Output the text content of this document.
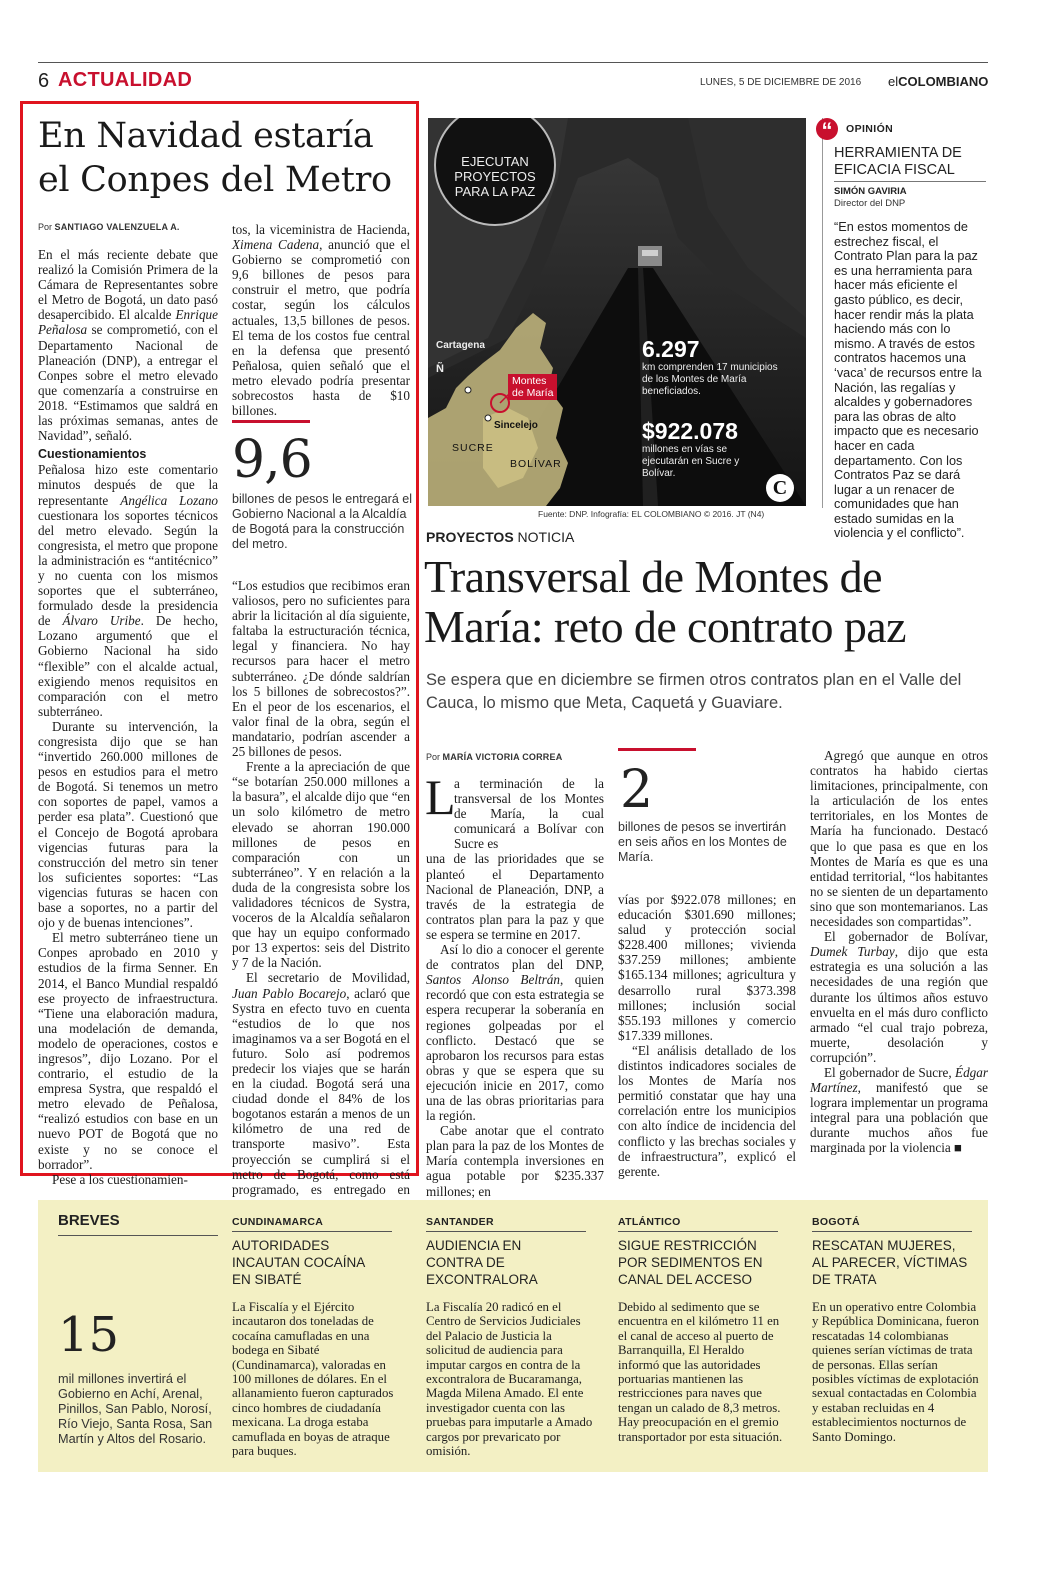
6 ACTUALIDAD	LUNES, 5 DE DICIEMBRE DE 2016 elCOLOMBIANO
En Navidad estaría
el Conpes del Metro
Por SANTIAGO VALENZUELA A.

En el más reciente debate que realizó la Comisión Primera de la Cámara de Representantes sobre el Metro de Bogotá, un dato pasó desapercibido. El alcalde Enrique Peñalosa se comprometió, con el Departamento Nacional de Planeación (DNP), a entregar el Conpes sobre el metro elevado que comenzaría a construirse en 2018. “Estimamos que saldrá en las próximas semanas, antes de Navidad”, señaló.

Cuestionamientos

Peñalosa hizo este comentario minutos después de que la representante Angélica Lozano cuestionara los soportes técnicos del metro elevado. Según la congresista, el metro que propone la administración es “antitécnico” y no cuenta con los mismos soportes que el subterráneo, formulado desde la presidencia de Álvaro Uribe. De hecho, Lozano argumentó que el Gobierno Nacional ha sido “flexible” con el alcalde actual, exigiendo menos requisitos en comparación con el metro subterráneo.

Durante su intervención, la congresista dijo que se han “invertido 260.000 millones de pesos en estudios para el metro de Bogotá. Si tenemos un metro con soportes de papel, vamos a perder esa plata”. Cuestionó que el Concejo de Bogotá aprobara vigencias futuras para la construcción del metro sin tener los suficientes soportes: “Las vigencias futuras se hacen con base a soportes, no a partir del ojo y de buenas intenciones”.

El metro subterráneo tiene un Conpes aprobado en 2010 y estudios de la firma Senner. En 2014, el Banco Mundial respaldó ese proyecto de infraestructura. “Tiene una elaboración madura, una modelación de demanda, modelo de operaciones, costos e ingresos”, dijo Lozano. Por el contrario, el estudio de la empresa Systra, que respaldó el metro elevado de Peñalosa, “realizó estudios con base en un nuevo POT de Bogotá que no existe y no se conoce el borrador”.

Pese a los cuestionamien-

tos, la viceministra de Hacienda, Ximena Cadena, anunció que el Gobierno se comprometió con 9,6 billones de pesos para construir el metro, que podría costar, según los cálculos actuales, 13,5 billones de pesos. El tema de los costos fue central en la defensa que presentó Peñalosa, quien señaló que el metro elevado podría presentar sobrecostos hasta de $10 billones.

9,6
billones de pesos le entregará el Gobierno Nacional a la Alcaldía de Bogotá para la construcción del metro.

“Los estudios que recibimos eran valiosos, pero no suficientes para abrir la licitación al día siguiente, faltaba la estructuración técnica, legal y financiera. No hay recursos para hacer el metro subterráneo. ¿De dónde saldrían los 5 billones de sobrecostos?”. En el peor de los escenarios, el valor final de la obra, según el mandatario, podrían ascender a 25 billones de pesos.

Frente a la apreciación de que “se botarían 250.000 millones a la basura”, el alcalde dijo que “en un solo kilómetro de metro elevado se ahorran 190.000 millones de pesos en comparación con un subterráneo”. Y en relación a la duda de la congresista sobre los validadores técnicos de Systra, voceros de la Alcaldía señalaron que hay un equipo conformado por 13 expertos: seis del Distrito y 7 de la Nación.

El secretario de Movilidad, Juan Pablo Bocarejo, aclaró que Systra en efecto tuvo en cuenta “estudios de lo que nos imaginamos va a ser Bogotá en el futuro. Solo así podremos predecir los viajes que se harán en la ciudad. Bogotá será una ciudad donde el 84% de los bogotanos estarán a menos de un kilómetro de una red de transporte masivo”. Esta proyección se cumplirá si el metro de Bogotá, como está programado, es entregado en

EJECUTAN
PROYECTOS
PARA LA PAZ
Cartagena
Ñ
Montes
de María
Sincelejo
SUCRE
BOLÍVAR
6.297
km comprenden 17 municipios de los Montes de María beneficiados.
$922.078
millones en vías se ejecutarán en Sucre y Bolívar.
C
Fuente: DNP. Infografía: EL COLOMBIANO © 2016. JT (N4)
“	OPINIÓN
HERRAMIENTA DE
EFICACIA FISCAL
SIMÓN GAVIRIA
Director del DNP
“En estos momentos de estrechez fiscal, el Contrato Plan para la paz es una herramienta para hacer más eficiente el gasto público, es decir, hacer rendir más la plata haciendo más con lo mismo. A través de estos contratos hacemos una ‘vaca’ de recursos entre la Nación, las regalías y alcaldes y gobernadores para las obras de alto impacto que es necesario hacer en cada departamento. Con los Contratos Paz se dará lugar a un renacer de comunidades que han estado sumidas en la violencia y el conflicto”.
PROYECTOS NOTICIA
Transversal de Montes de
María: reto de contrato paz
Se espera que en diciembre se firmen otros contratos plan en el Valle del Cauca, lo mismo que Meta, Caquetá y Guaviare.
Por MARÍA VICTORIA CORREA
L

a terminación de la transversal de los Montes de María, la cual comunicará a Bolívar con Sucre es

una de las prioridades que se planteó el Departamento Nacional de Planeación, DNP, a través de la estrategia de contratos plan para la paz y que se espera se termine en 2017.

Así lo dio a conocer el gerente de contratos plan del DNP, Santos Alonso Beltrán, quien recordó que con esta estrategia se espera recuperar la soberanía en regiones golpeadas por el conflicto. Destacó que se aprobaron los recursos para estas obras y que se espera que su ejecución inicie en 2017, como una de las obras prioritarias para la región.

Cabe anotar que el contrato plan para la paz de los Montes de María contempla inversiones en agua potable por $235.337 millones; en

2
billones de pesos se invertirán en seis años en los Montes de María.

vías por $922.078 millones; en educación $301.690 millones; salud y protección social $228.400 millones; vivienda $37.259 millones; ambiente $165.134 millones; agricultura y desarrollo rural $373.398 millones; inclusión social $55.193 millones y comercio $17.339 millones.

“El análisis detallado de los distintos indicadores sociales de los Montes de María nos permitió constatar que hay una correlación entre los municipios con alto índice de incidencia del conflicto y las brechas sociales y de infraestructura”, explicó el gerente.

Agregó que aunque en otros contratos ha habido ciertas limitaciones, principalmente, con la articulación de los entes territoriales, en los Montes de María ha funcionado. Destacó que lo que pasa es que en los Montes de María es que es una entidad territorial, “los habitantes no se sienten de un departamento sino que son montemarianos. Las necesidades son compartidas”.

El gobernador de Bolívar, Dumek Turbay, dijo que esta estrategia es una solución a las necesidades de una región que durante los últimos años estuvo envuelta en el más duro conflicto armado “el cual trajo pobreza, muerte, desolación y corrupción”.

El gobernador de Sucre, Édgar Martínez, manifestó que se lograra implementar un programa integral para una población que durante muchos años fue marginada por la violencia ■

BREVES
15
mil millones invertirá el Gobierno en Achí, Arenal, Pinillos, San Pablo, Norosí, Río Viejo, Santa Rosa, San Martín y Altos del Rosario.
CUNDINAMARCA
AUTORIDADES INCAUTAN COCAÍNA EN SIBATÉ
La Fiscalía y el Ejército incautaron dos toneladas de cocaína camufladas en una bodega en Sibaté (Cundinamarca), valoradas en 100 millones de dólares. En el allanamiento fueron capturados cinco hombres de ciudadanía mexicana. La droga estaba camuflada en boyas de atraque para buques.
SANTANDER
AUDIENCIA EN CONTRA DE EXCONTRALORA
La Fiscalía 20 radicó en el Centro de Servicios Judiciales del Palacio de Justicia la solicitud de audiencia para imputar cargos en contra de la excontralora de Bucaramanga, Magda Milena Amado. El ente investigador cuenta con las pruebas para imputarle a Amado cargos por prevaricato por omisión.
ATLÁNTICO
SIGUE RESTRICCIÓN POR SEDIMENTOS EN CANAL DEL ACCESO
Debido al sedimento que se encuentra en el kilómetro 11 en el canal de acceso al puerto de Barranquilla, El Heraldo informó que las autoridades portuarias mantienen las restricciones para naves que tengan un calado de 8,3 metros. Hay preocupación en el gremio transportador por esta situación.
BOGOTÁ
RESCATAN MUJERES, AL PARECER, VÍCTIMAS DE TRATA
En un operativo entre Colombia y República Dominicana, fueron rescatadas 14 colombianas quienes serían víctimas de trata de personas. Ellas serían posibles víctimas de explotación sexual contactadas en Colombia y estaban recluidas en 4 establecimientos nocturnos de Santo Domingo.
